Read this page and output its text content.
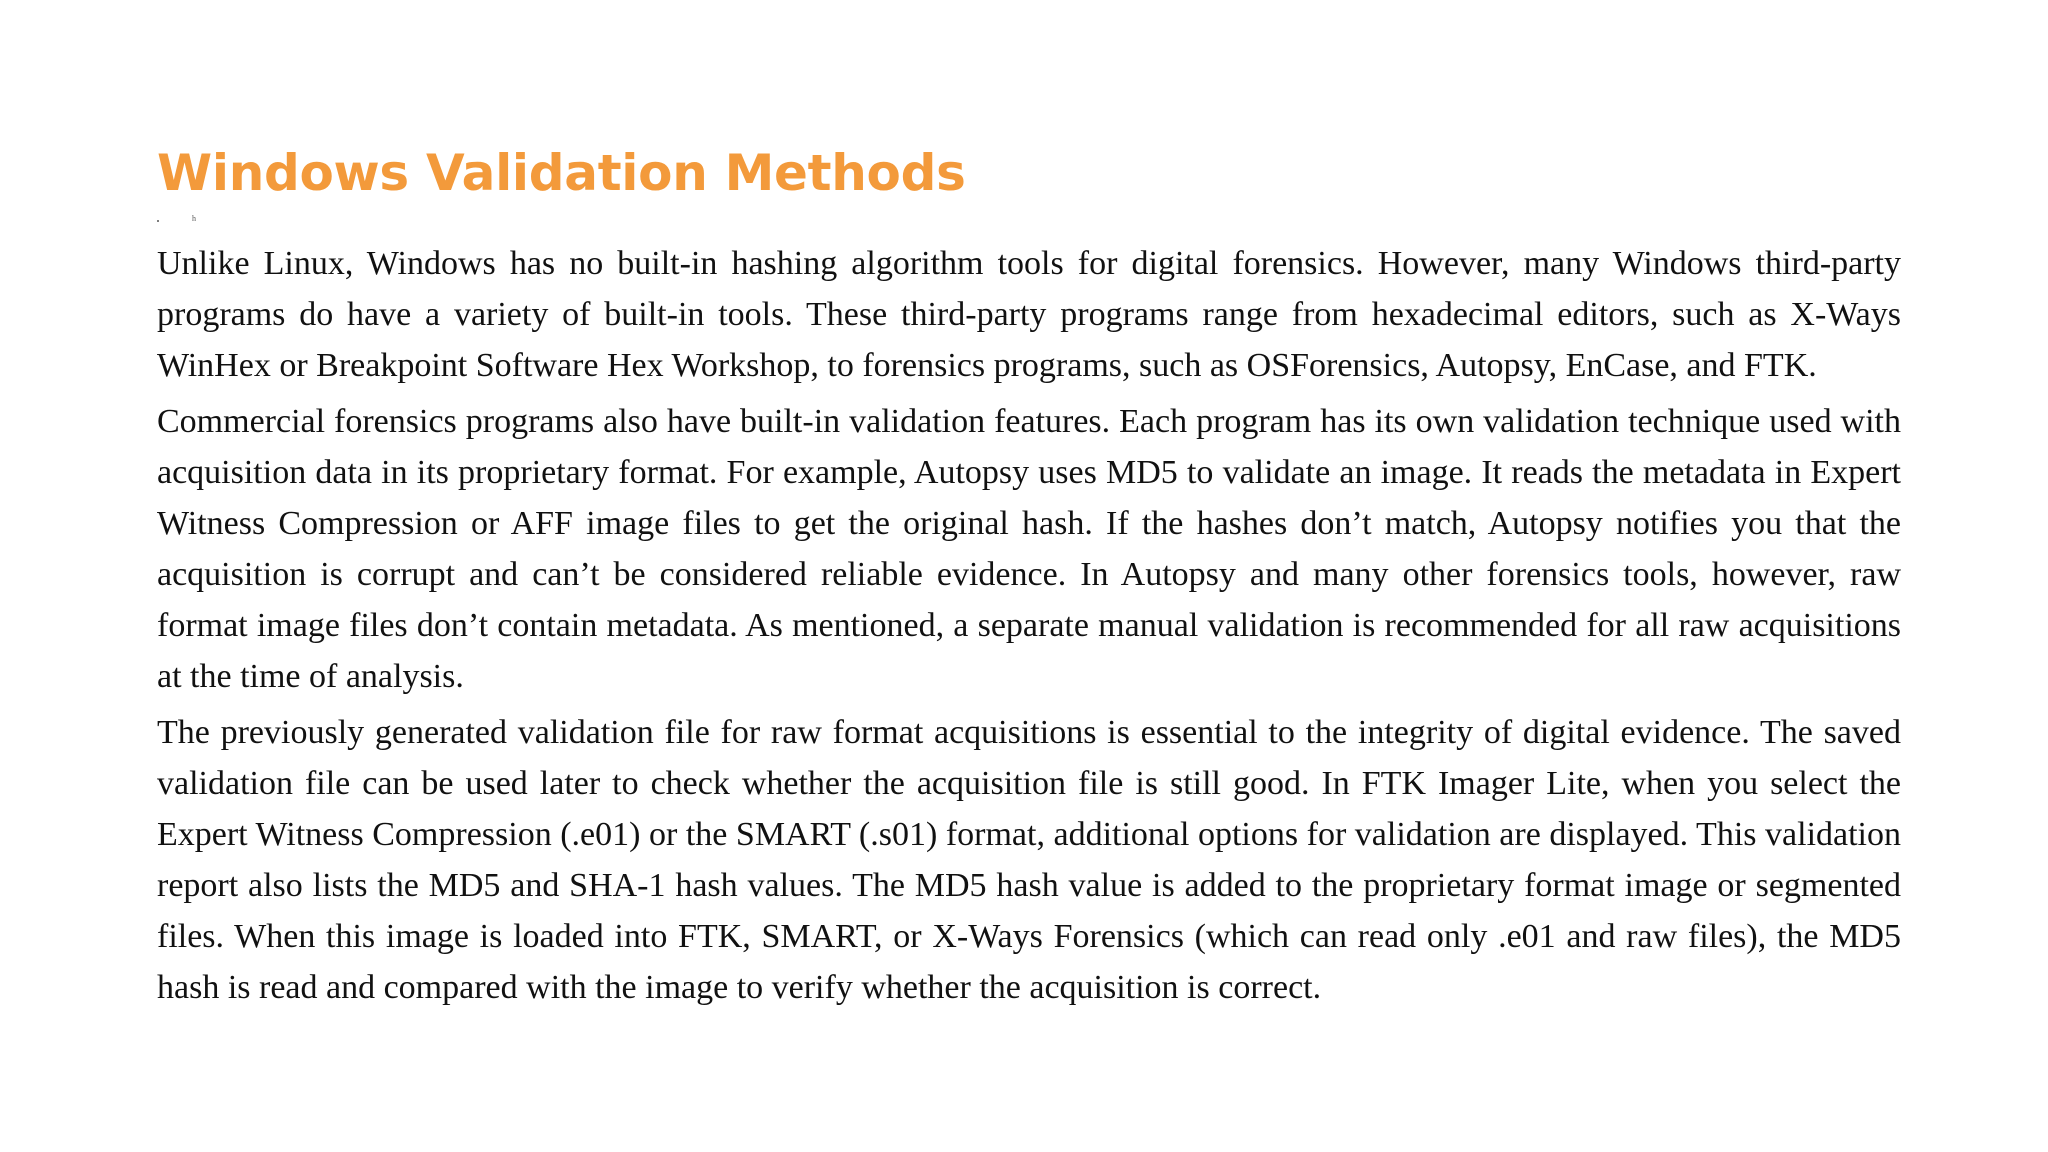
Windows Validation Methods
h

Unlike Linux, Windows has no built-in hashing algorithm tools for digital forensics. However, many Windows third-party programs do have a variety of built-in tools. These third-party programs range from hexadecimal editors, such as X-Ways WinHex or Breakpoint Software Hex Workshop, to forensics programs, such as OSForensics, Autopsy, EnCase, and FTK.

Commercial forensics programs also have built-in validation features. Each program has its own validation technique used with acquisition data in its proprietary format. For example, Autopsy uses MD5 to validate an image. It reads the metadata in Expert Witness Compression or AFF image files to get the original hash. If the hashes don’t match, Autopsy notifies you that the acquisition is corrupt and can’t be considered reliable evidence. In Autopsy and many other forensics tools, however, raw format image files don’t contain metadata. As mentioned, a separate manual validation is recommended for all raw acquisitions at the time of analysis.

The previously generated validation file for raw format acquisitions is essential to the integrity of digital evidence. The saved validation file can be used later to check whether the acquisition file is still good. In FTK Imager Lite, when you select the Expert Witness Compression (.e01) or the SMART (.s01) format, additional options for validation are displayed. This validation report also lists the MD5 and SHA-1 hash values. The MD5 hash value is added to the proprietary format image or segmented files. When this image is loaded into FTK, SMART, or X-Ways Forensics (which can read only .e01 and raw files), the MD5 hash is read and compared with the image to verify whether the acquisition is correct.
